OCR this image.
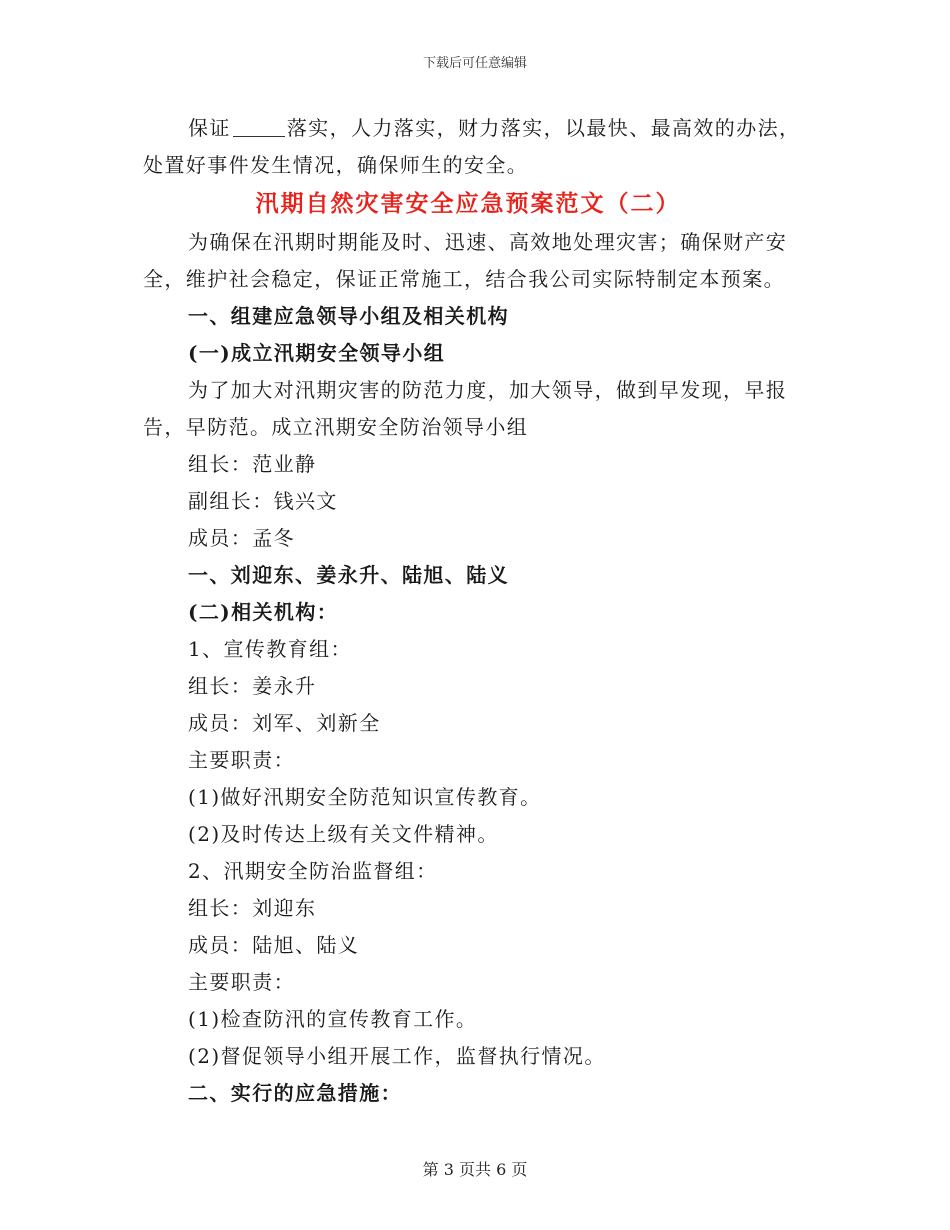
下载后可任意编辑
保证	落实，人力落实，财力落实，以最快、最高效的办法，
处置好事件发生情况，确保师生的安全。
汛期自然灾害安全应急预案范文（二）
为确保在汛期时期能及时、迅速、高效地处理灾害；确保财产安
全，维护社会稳定，保证正常施工，结合我公司实际特制定本预案。
一、组建应急领导小组及相关机构
(一)成立汛期安全领导小组
为了加大对汛期灾害的防范力度，加大领导，做到早发现，早报
告，早防范。成立汛期安全防治领导小组
组长：范业静
副组长：钱兴文
成员：孟冬
一、刘迎东、姜永升、陆旭、陆义
(二)相关机构：
1、宣传教育组：
组长：姜永升
成员：刘军、刘新全
主要职责：
(1)做好汛期安全防范知识宣传教育。
(2)及时传达上级有关文件精神。
2、汛期安全防治监督组：
组长：刘迎东
成员：陆旭、陆义
主要职责：
(1)检查防汛的宣传教育工作。
(2)督促领导小组开展工作，监督执行情况。
二、实行的应急措施：
第 3 页共 6 页
